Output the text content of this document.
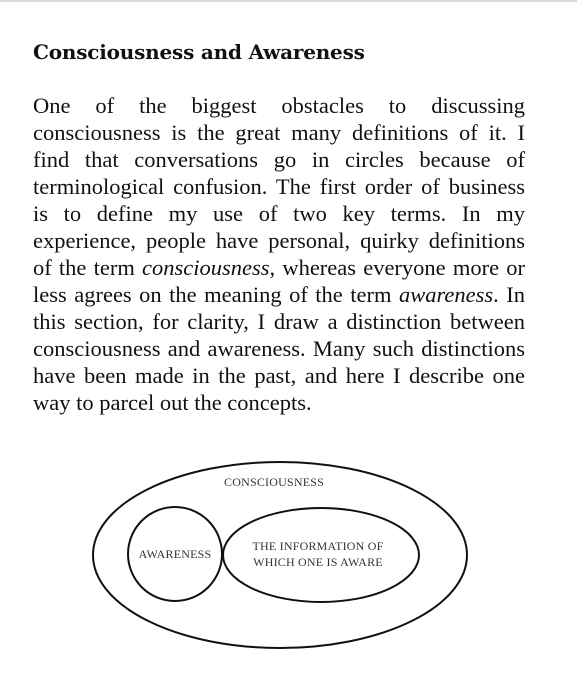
Consciousness and Awareness

One of the biggest obstacles to discussing consciousness is the great many definitions of it. I find that conversations go in circles because of terminological confusion. The first order of business is to define my use of two key terms. In my experience, people have personal, quirky definitions of the term consciousness, whereas everyone more or less agrees on the meaning of the term awareness. In this section, for clarity, I draw a distinction between consciousness and awareness. Many such distinctions have been made in the past, and here I describe one way to parcel out the concepts.

CONSCIOUSNESS
AWARENESS
THE INFORMATION OF
WHICH ONE IS AWARE
